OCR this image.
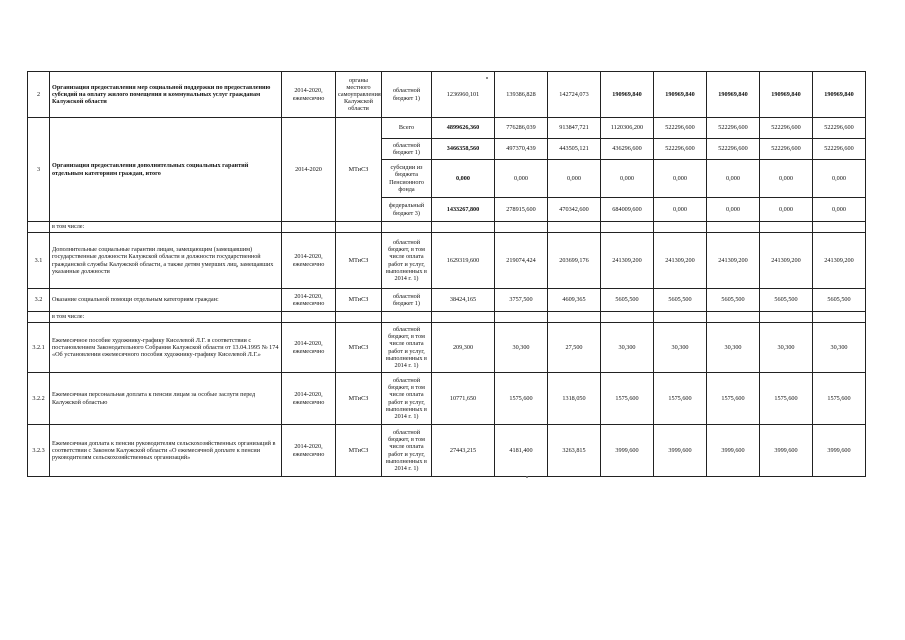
2	Организация предоставления мер социальной поддержки по предоставлению субсидий на оплату жилого помещения и коммунальных услуг гражданам Калужской области	2014-2020, ежемесячно	органы местного самоуправления Калужской области	областной бюджет 1)	1236960,101	139386,828	142724,073	190969,840	190969,840	190969,840	190969,840	190969,840
3	Организация предоставления дополнительных социальных гарантий отдельным категориям граждан, итого	2014-2020	МТиСЗ	Всего	4899626,360	776286,039	913847,721	1120306,200	522296,600	522296,600	522296,600	522296,600
				областной бюджет 1)	3466358,560	497370,439	443505,121	436296,600	522296,600	522296,600	522296,600	522296,600
				субсидии из бюджета Пенсионного фонда	0,000	0,000	0,000	0,000	0,000	0,000	0,000	0,000
				федеральный бюджет 3)	1433267,800	278915,600	470342,600	684009,600	0,000	0,000	0,000	0,000
	в том числе:											
3.1	Дополнительные социальные гарантии лицам, замещающим (замещавшим) государственные должности Калужской области и должности государственной гражданской службы Калужской области, а также детям умерших лиц, замещавших указанные должности	2014-2020, ежемесячно	МТиСЗ	областной бюджет, в том числе оплата работ и услуг, выполненных в 2014 г. 1)	1629319,600	219074,424	203699,176	241309,200	241309,200	241309,200	241309,200	241309,200
3.2	Оказание социальной помощи отдельным категориям граждан:	2014-2020, ежемесячно	МТиСЗ	областной бюджет 1)	38424,165	3757,500	4609,365	5605,500	5605,500	5605,500	5605,500	5605,500
	в том числе:											
3.2.1	Ежемесячное пособие художнику-графику Киселевой Л.Г. в соответствии с постановлением Законодательного Собрания Калужской области от 13.04.1995 № 174 «Об установлении ежемесячного пособия художнику-графику Киселевой Л.Г.»	2014-2020, ежемесячно	МТиСЗ	областной бюджет, в том числе оплата работ и услуг, выполненных в 2014 г. 1)	209,300	30,300	27,500	30,300	30,300	30,300	30,300	30,300
3.2.2	Ежемесячная персональная доплата к пенсии лицам за особые заслуги перед Калужской областью	2014-2020, ежемесячно	МТиСЗ	областной бюджет, в том числе оплата работ и услуг, выполненных в 2014 г. 1)	10771,650	1575,600	1318,050	1575,600	1575,600	1575,600	1575,600	1575,600
3.2.3	Ежемесячная доплата к пенсии руководителям сельскохозяйственных организаций в соответствии с Законом Калужской области «О ежемесячной доплате к пенсии руководителям сельскохозяйственных организаций»	2014-2020, ежемесячно	МТиСЗ	областной бюджет, в том числе оплата работ и услуг, выполненных в 2014 г. 1)	27443,215	4181,400	3263,815	3999,600	3999,600	3999,600	3999,600	3999,600
